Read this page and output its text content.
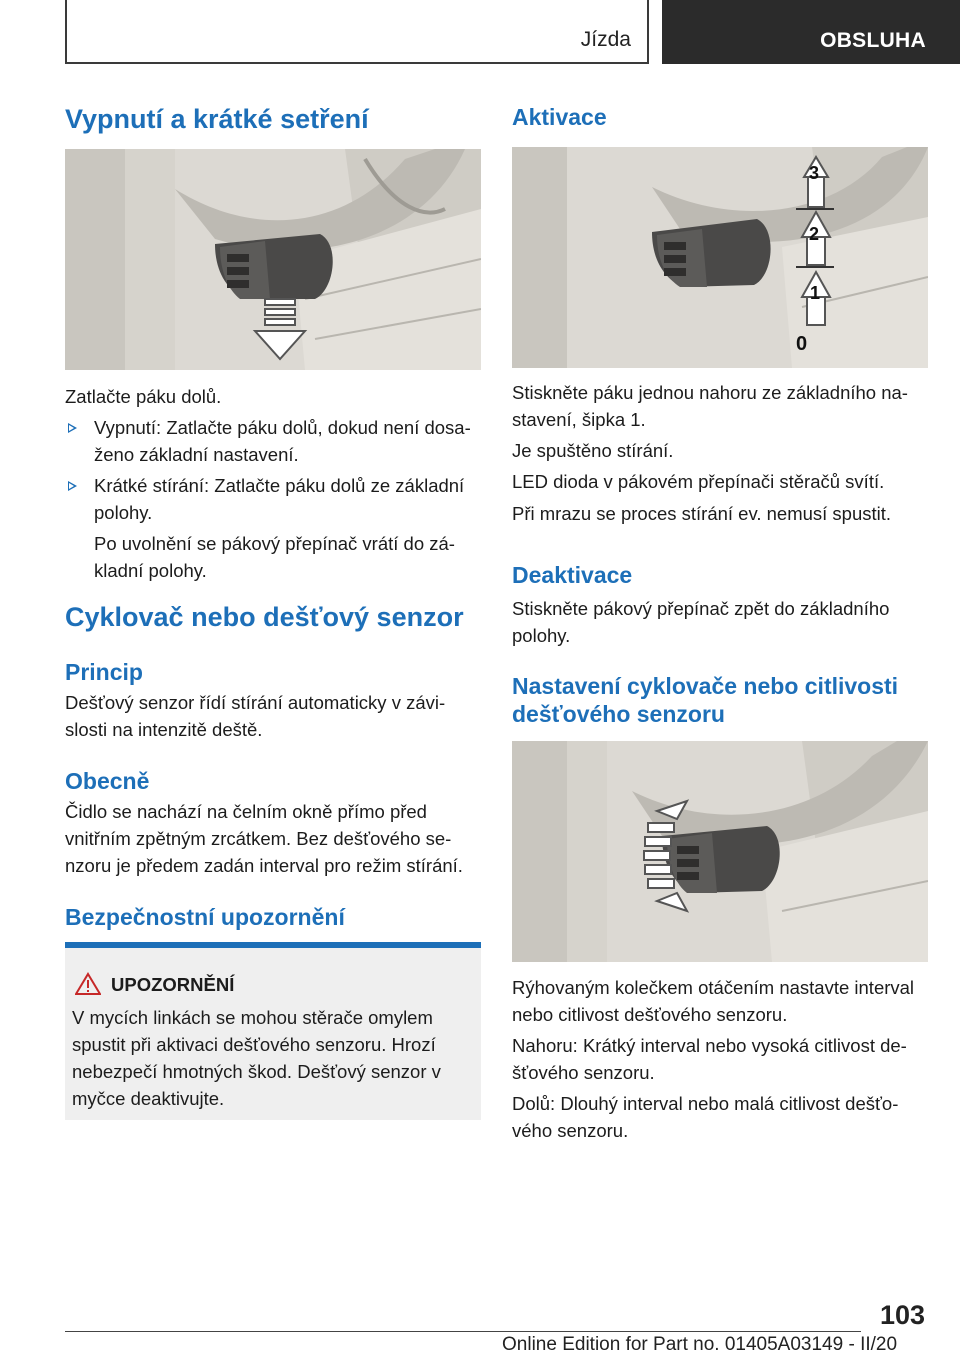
Jízda	OBSLUHA
Vypnutí a krátké setření

Zatlačte páku dolů.

Vypnutí: Zatlačte páku dolů, dokud není dosa‐
ženo základní nastavení.
Krátké stírání: Zatlačte páku dolů ze základní
polohy.
Po uvolnění se pákový přepínač vrátí do zá‐
kladní polohy.
Cyklovač nebo dešťový senzor
Princip

Dešťový senzor řídí stírání automaticky v závi‐
slosti na intenzitě deště.

Obecně

Čidlo se nachází na čelním okně přímo před
vnitřním zpětným zrcátkem. Bez dešťového se‐
nzoru je předem zadán interval pro režim stírání.

Bezpečnostní upozornění
UPOZORNĚNÍ

V mycích linkách se mohou stěrače omylem
spustit při aktivaci dešťového senzoru. Hrozí
nebezpečí hmotných škod. Dešťový senzor v
myčce deaktivujte.

Aktivace
3
2
1
0

Stiskněte páku jednou nahoru ze základního na‐
stavení, šipka 1.

Je spuštěno stírání.

LED dioda v pákovém přepínači stěračů svítí.

Při mrazu se proces stírání ev. nemusí spustit.

Deaktivace

Stiskněte pákový přepínač zpět do základního
polohy.

Nastavení cyklovače nebo citlivosti
dešťového senzoru

Rýhovaným kolečkem otáčením nastavte interval
nebo citlivost dešťového senzoru.

Nahoru: Krátký interval nebo vysoká citlivost de‐
šťového senzoru.

Dolů: Dlouhý interval nebo malá citlivost dešťo‐
vého senzoru.

103
Online Edition for Part no. 01405A03149 - II/20
